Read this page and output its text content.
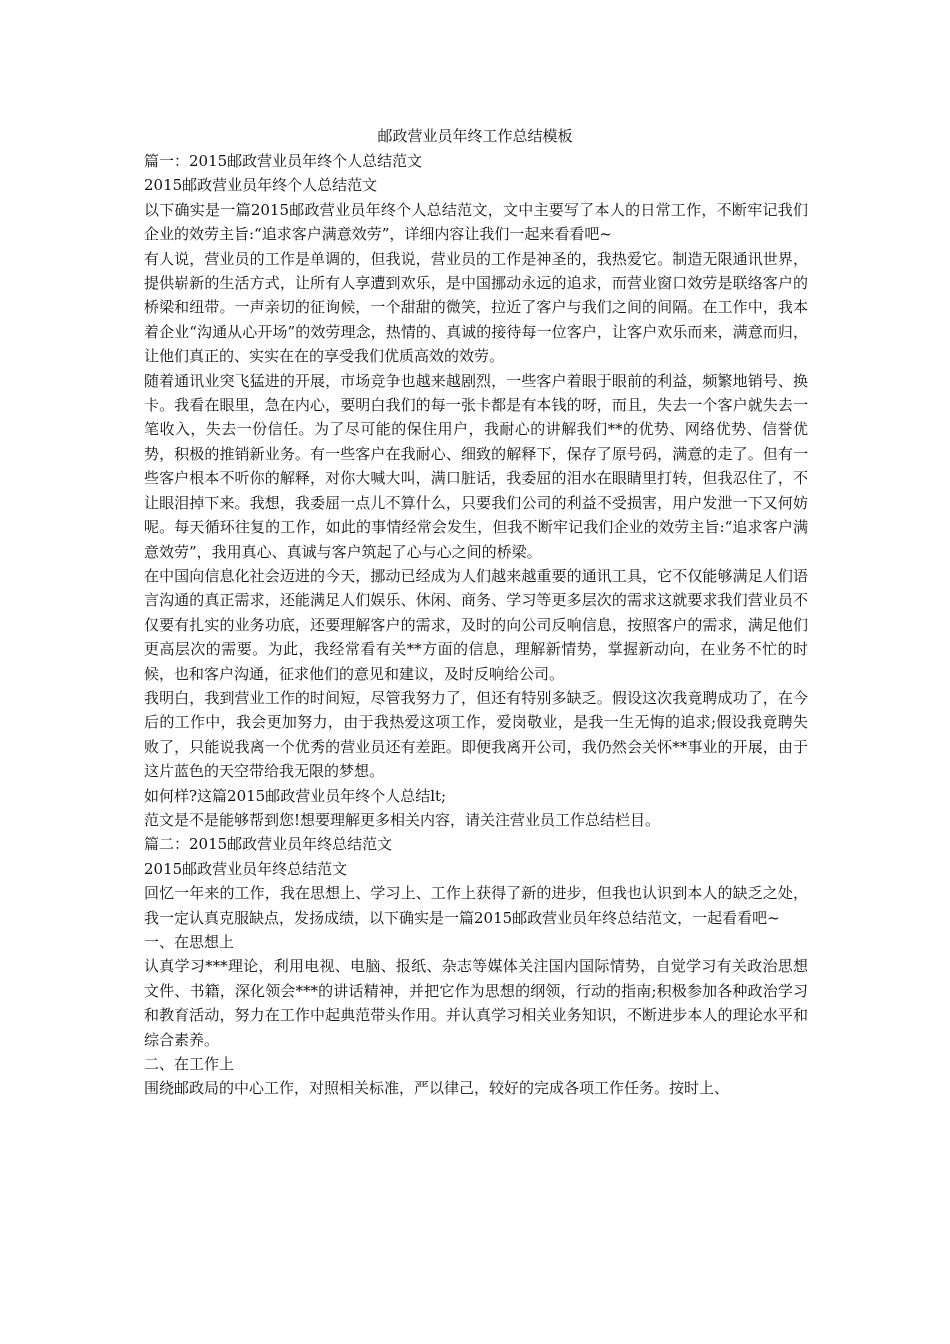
邮政营业员年终工作总结模板

篇一：2015邮政营业员年终个人总结范文

2015邮政营业员年终个人总结范文

以下确实是一篇2015邮政营业员年终个人总结范文，文中主要写了本人的日常工作，不断牢记我们企业的效劳主旨:“追求客户满意效劳”，详细内容让我们一起来看看吧~

有人说，营业员的工作是单调的，但我说，营业员的工作是神圣的，我热爱它。制造无限通讯世界，提供崭新的生活方式，让所有人享遭到欢乐，是中国挪动永远的追求，而营业窗口效劳是联络客户的桥梁和纽带。一声亲切的征询候，一个甜甜的微笑，拉近了客户与我们之间的间隔。在工作中，我本着企业“沟通从心开场”的效劳理念，热情的、真诚的接待每一位客户，让客户欢乐而来，满意而归，让他们真正的、实实在在的享受我们优质高效的效劳。

随着通讯业突飞猛进的开展，市场竞争也越来越剧烈，一些客户着眼于眼前的利益，频繁地销号、换卡。我看在眼里，急在内心，要明白我们的每一张卡都是有本钱的呀，而且，失去一个客户就失去一笔收入，失去一份信任。为了尽可能的保住用户，我耐心的讲解我们**的优势、网络优势、信誉优势，积极的推销新业务。有一些客户在我耐心、细致的解释下，保存了原号码，满意的走了。但有一些客户根本不听你的解释，对你大喊大叫，满口脏话，我委屈的泪水在眼睛里打转，但我忍住了，不让眼泪掉下来。我想，我委屈一点儿不算什么，只要我们公司的利益不受损害，用户发泄一下又何妨呢。每天循环往复的工作，如此的事情经常会发生，但我不断牢记我们企业的效劳主旨:“追求客户满意效劳”，我用真心、真诚与客户筑起了心与心之间的桥梁。

在中国向信息化社会迈进的今天，挪动已经成为人们越来越重要的通讯工具，它不仅能够满足人们语言沟通的真正需求，还能满足人们娱乐、休闲、商务、学习等更多层次的需求这就要求我们营业员不仅要有扎实的业务功底，还要理解客户的需求，及时的向公司反响信息，按照客户的需求，满足他们更高层次的需要。为此，我经常看有关**方面的信息，理解新情势，掌握新动向，在业务不忙的时候，也和客户沟通，征求他们的意见和建议，及时反响给公司。

我明白，我到营业工作的时间短，尽管我努力了，但还有特别多缺乏。假设这次我竟聘成功了，在今后的工作中，我会更加努力，由于我热爱这项工作，爱岗敬业，是我一生无悔的追求;假设我竟聘失败了，只能说我离一个优秀的营业员还有差距。即便我离开公司，我仍然会关怀**事业的开展，由于这片蓝色的天空带给我无限的梦想。

如何样?这篇2015邮政营业员年终个人总结lt;

范文是不是能够帮到您!想要理解更多相关内容，请关注营业员工作总结栏目。

篇二：2015邮政营业员年终总结范文

2015邮政营业员年终总结范文

回忆一年来的工作，我在思想上、学习上、工作上获得了新的进步，但我也认识到本人的缺乏之处，我一定认真克服缺点，发扬成绩，以下确实是一篇2015邮政营业员年终总结范文，一起看看吧~

一、在思想上

认真学习***理论，利用电视、电脑、报纸、杂志等媒体关注国内国际情势，自觉学习有关政治思想文件、书籍，深化领会***的讲话精神，并把它作为思想的纲领，行动的指南;积极参加各种政治学习和教育活动，努力在工作中起典范带头作用。并认真学习相关业务知识，不断进步本人的理论水平和综合素养。

二、在工作上

围绕邮政局的中心工作，对照相关标准，严以律己，较好的完成各项工作任务。按时上、
